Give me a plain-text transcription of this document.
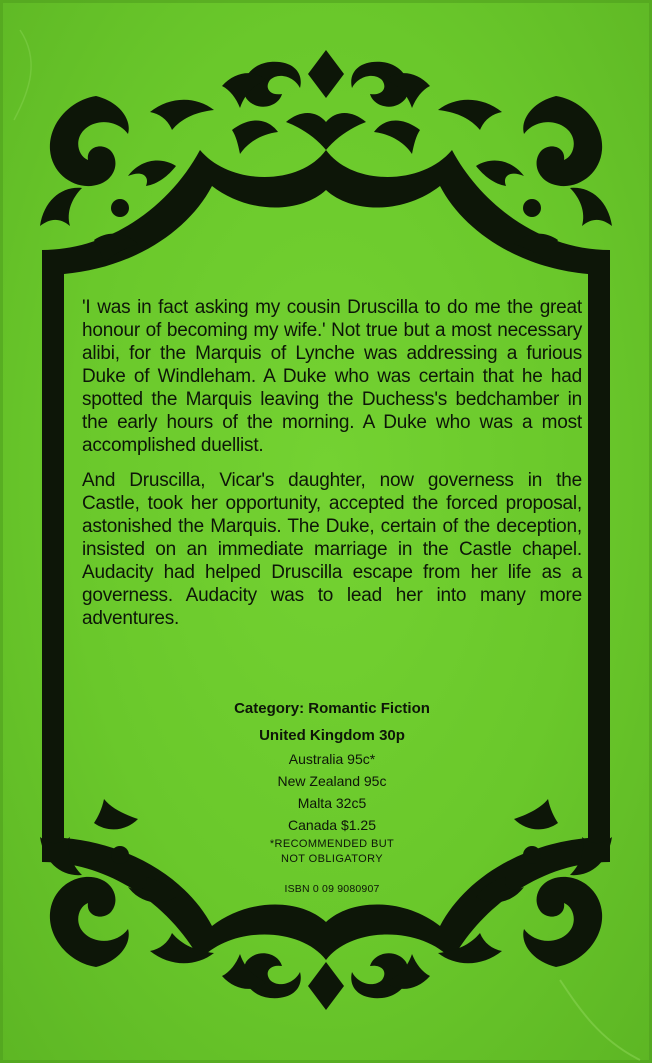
'I was in fact asking my cousin Druscilla to do me the great honour of becoming my wife.' Not true but a most necessary alibi, for the Marquis of Lynche was addressing a furious Duke of Windleham. A Duke who was certain that he had spotted the Marquis leaving the Duchess's bedchamber in the early hours of the morning. A Duke who was a most accomplished duellist.

And Druscilla, Vicar's daughter, now governess in the Castle, took her opportunity, accepted the forced proposal, astonished the Marquis. The Duke, certain of the deception, insisted on an immediate marriage in the Castle chapel. Audacity had helped Druscilla escape from her life as a governess. Audacity was to lead her into many more adventures.

Category: Romantic Fiction
United Kingdom 30p
Australia 95c*
New Zealand 95c
Malta 32c5
Canada $1.25
*RECOMMENDED BUT
NOT OBLIGATORY
ISBN 0 09 9080907
